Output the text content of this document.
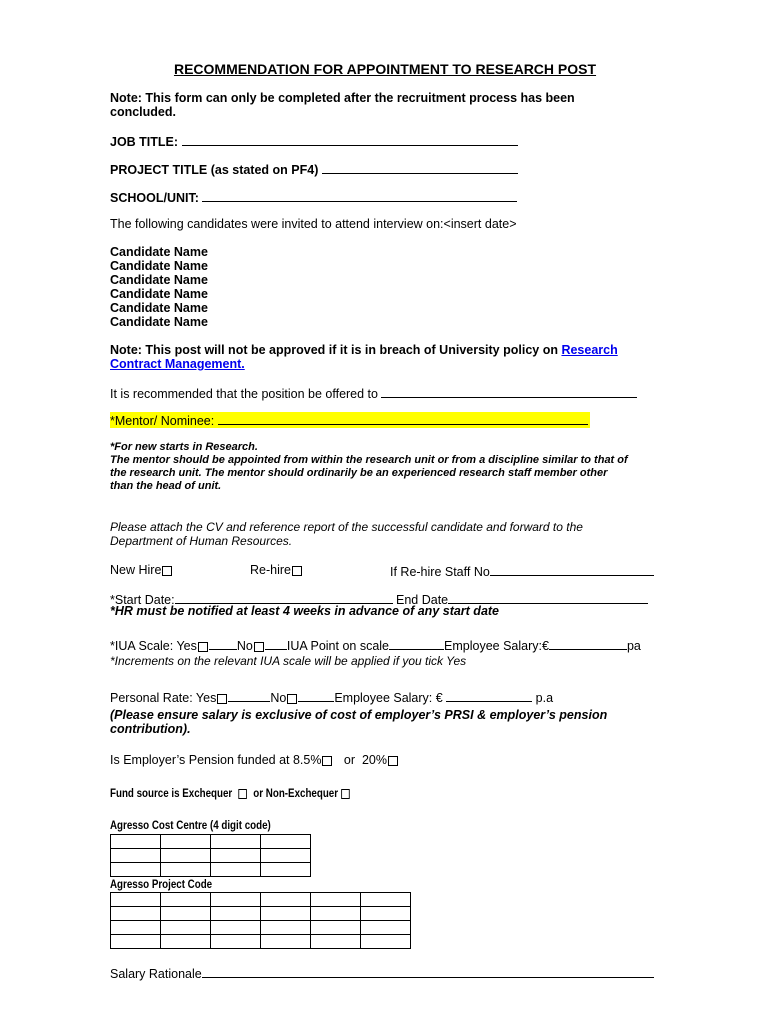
RECOMMENDATION FOR APPOINTMENT TO RESEARCH POST
Note: This form can only be completed after the recruitment process has been
concluded.
JOB TITLE:
PROJECT TITLE (as stated on PF4)
SCHOOL/UNIT:
The following candidates were invited to attend interview on:<insert date>
Candidate Name
Candidate Name
Candidate Name
Candidate Name
Candidate Name
Candidate Name
Note: This post will not be approved if it is in breach of University policy on Research
Contract Management.
It is recommended that the position be offered to
*Mentor/ Nominee:
*For new starts in Research.
The mentor should be appointed from within the research unit or from a discipline similar to that of
the research unit. The mentor should ordinarily be an experienced research staff member other
than the head of unit.
Please attach the CV and reference report of the successful candidate and forward to the
Department of Human Resources.
New Hire	Re-hire	If Re-hire Staff No
*Start Date:	End Date
*HR must be notified at least 4 weeks in advance of any start date
*IUA Scale: Yes	No	IUA Point on scale	Employee Salary:€	pa
*Increments on the relevant IUA scale will be applied if you tick Yes
Personal Rate: Yes	No	Employee Salary: €	p.a
(Please ensure salary is exclusive of cost of employer’s PRSI & employer’s pension
contribution).
Is Employer’s Pension funded at 8.5% or 20%
Fund source is Exchequer or Non-Exchequer
Agresso Cost Centre (4 digit code)

Agresso Project Code

Salary Rationale
